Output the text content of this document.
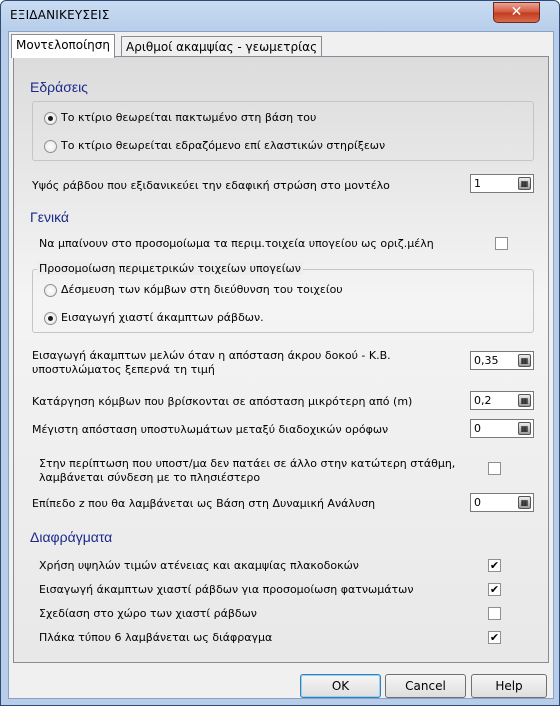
ΕΞΙΔΑΝΙΚΕΥΣΕΙΣ	✕
Μοντελοποίηση	Αριθμοί ακαμψίας - γεωμετρίας
Εδράσεις
Το κτίριο θεωρείται πακτωμένο στη βάση του
Το κτίριο θεωρείται εδραζόμενο επί ελαστικών στηρίξεων
Υψός ράβδου που εξιδανικεύει την εδαφική στρώση στο μοντέλο	1	▦
Γενικά
Να μπαίνουν στο προσομοίωμα τα περιμ.τοιχεία υπογείου ως οριζ.μέλη
Προσομοίωση περιμετρικών τοιχείων υπογείων
Δέσμευση των κόμβων στη διεύθυνση του τοιχείου
Εισαγωγή χιαστί άκαμπτων ράβδων.
Εισαγωγή άκαμπτων μελών όταν η απόσταση άκρου δοκού - Κ.Β.
υποστυλώματος ξεπερνά τη τιμή
0,35	▦
Κατάργηση κόμβων που βρίσκονται σε απόσταση μικρότερη από (m)	0,2	▦
Μέγιστη απόσταση υποστυλωμάτων μεταξύ διαδοχικών ορόφων	0	▦
Στην περίπτωση που υποστ/μα δεν πατάει σε άλλο στην κατώτερη στάθμη,
λαμβάνεται σύνδεση με το πλησιέστερο
Επίπεδο z που θα λαμβάνεται ως Βάση στη Δυναμική Ανάλυση	0	▦
Διαφράγματα
Χρήση υψηλών τιμών ατένειας και ακαμψίας πλακοδοκών	✔
Εισαγωγή άκαμπτων χιαστί ράβδων για προσομοίωση φατνωμάτων	✔
Σχεδίαση στο χώρο των χιαστί ράβδων
Πλάκα τύπου 6 λαμβάνεται ως διάφραγμα	✔
OK	Cancel	Help
